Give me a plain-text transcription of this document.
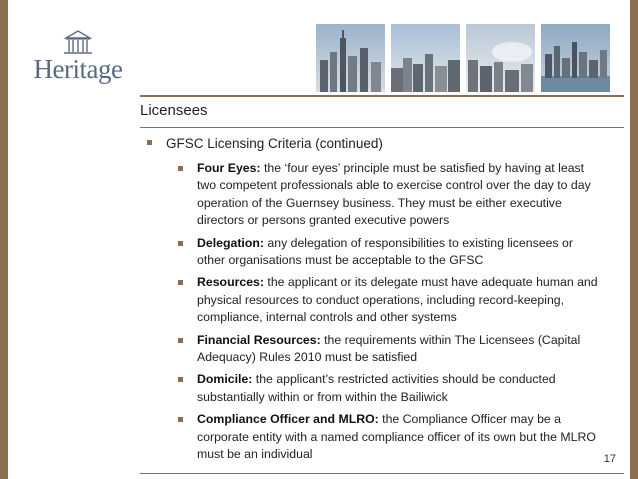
Heritage
Licensees
GFSC Licensing Criteria (continued)
Four Eyes: the ‘four eyes’ principle must be satisfied by having at least two competent professionals able to exercise control over the day to day operation of the Guernsey business. They must be either executive directors or persons granted executive powers
Delegation: any delegation of responsibilities to existing licensees or other organisations must be acceptable to the GFSC
Resources: the applicant or its delegate must have adequate human and physical resources to conduct operations, including record-keeping, compliance, internal controls and other systems
Financial Resources: the requirements within The Licensees (Capital Adequacy) Rules 2010 must be satisfied
Domicile: the applicant’s restricted activities should be conducted substantially within or from within the Bailiwick
Compliance Officer and MLRO: the Compliance Officer may be a corporate entity with a named compliance officer of its own but the MLRO must be an individual	17
